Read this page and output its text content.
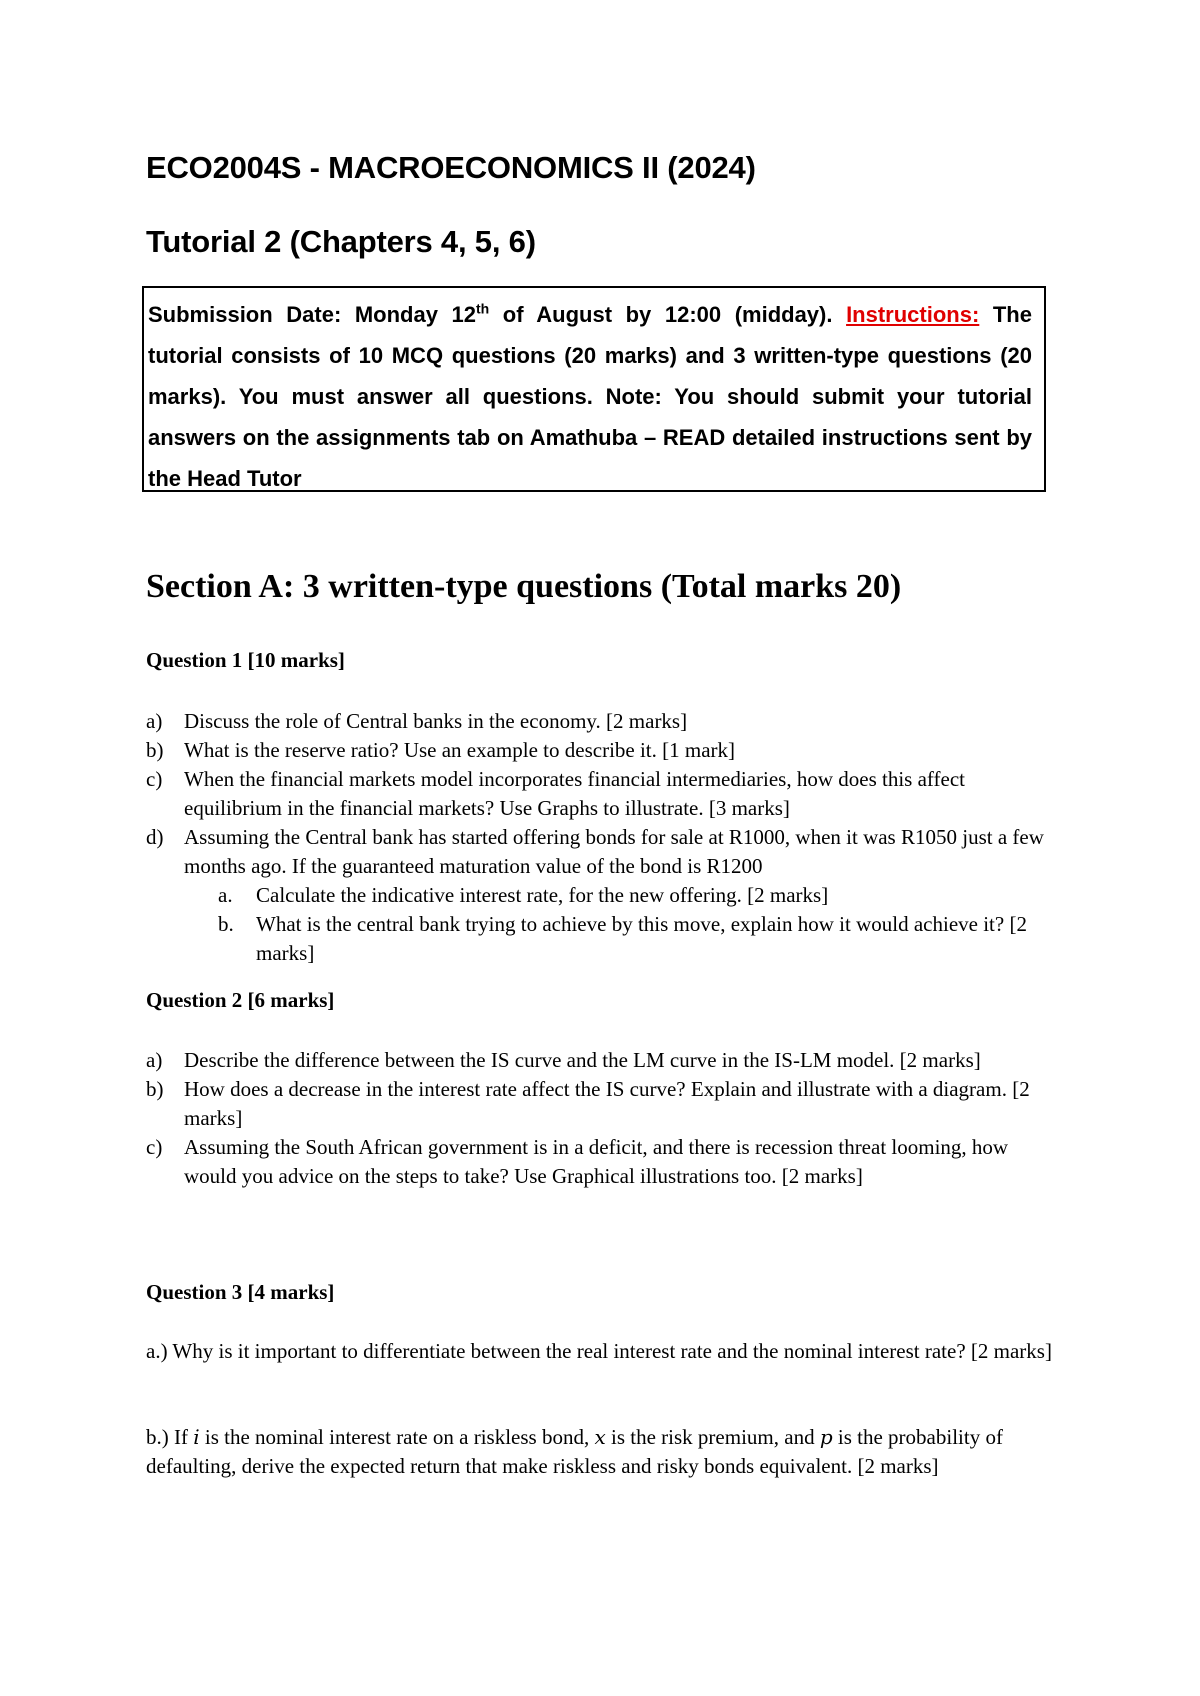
ECO2004S - MACROECONOMICS II (2024)
Tutorial 2 (Chapters 4, 5, 6)
Submission Date: Monday 12th of August by 12:00 (midday). Instructions: The tutorial consists of 10 MCQ questions (20 marks) and 3 written-type questions (20 marks). You must answer all questions. Note: You should submit your tutorial answers on the assignments tab on Amathuba – READ detailed instructions sent by the Head Tutor
Section A: 3 written-type questions (Total marks 20)
Question 1 [10 marks]
a) Discuss the role of Central banks in the economy. [2 marks]
b) What is the reserve ratio? Use an example to describe it. [1 mark]
c) When the financial markets model incorporates financial intermediaries, how does this affect equilibrium in the financial markets? Use Graphs to illustrate. [3 marks]
d) Assuming the Central bank has started offering bonds for sale at R1000, when it was R1050 just a few months ago. If the guaranteed maturation value of the bond is R1200
a. Calculate the indicative interest rate, for the new offering. [2 marks]
b. What is the central bank trying to achieve by this move, explain how it would achieve it? [2 marks]
Question 2 [6 marks]
a) Describe the difference between the IS curve and the LM curve in the IS-LM model. [2 marks]
b) How does a decrease in the interest rate affect the IS curve? Explain and illustrate with a diagram. [2 marks]
c) Assuming the South African government is in a deficit, and there is recession threat looming, how would you advice on the steps to take? Use Graphical illustrations too. [2 marks]
Question 3 [4 marks]
a.) Why is it important to differentiate between the real interest rate and the nominal interest rate? [2 marks]
b.) If i is the nominal interest rate on a riskless bond, x is the risk premium, and p is the probability of defaulting, derive the expected return that make riskless and risky bonds equivalent. [2 marks]
